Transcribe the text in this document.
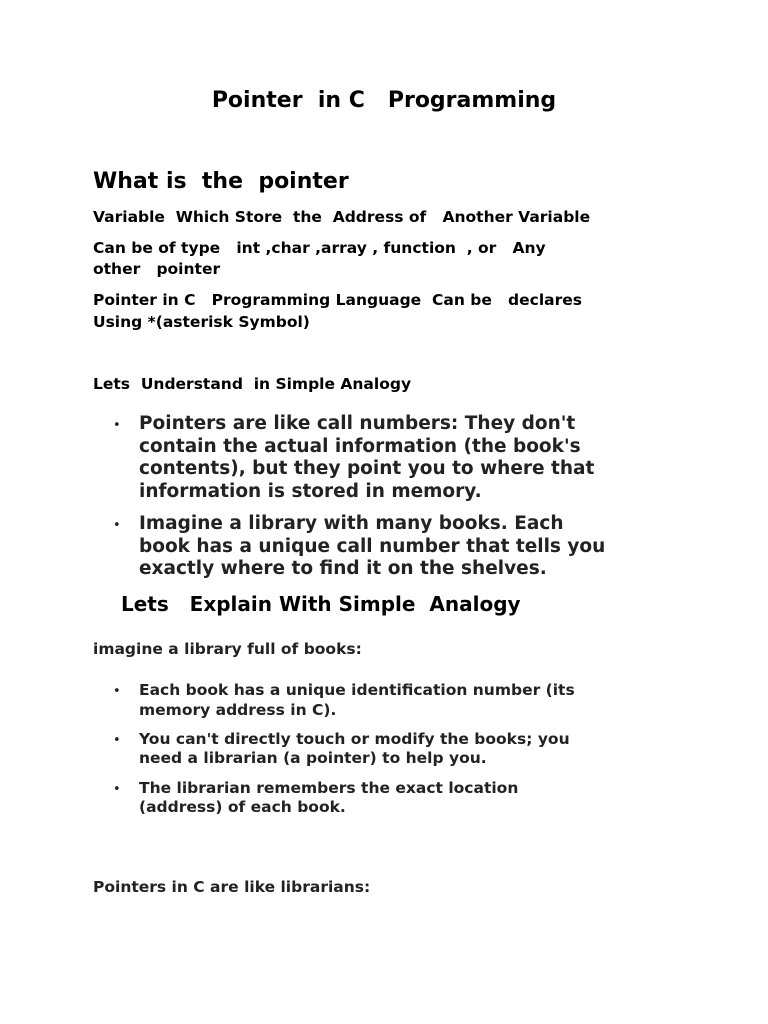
Pointer  in C   Programming
What is  the  pointer
Variable  Which Store  the  Address of   Another Variable
Can be of type   int ,char ,array , function  , or   Any
other   pointer
Pointer in C   Programming Language  Can be   declares
Using *(asterisk Symbol)
Lets  Understand  in Simple Analogy
• Pointers are like call numbers: They don't
contain the actual information (the book's
contents), but they point you to where that
information is stored in memory.
• Imagine a library with many books. Each
book has a unique call number that tells you
exactly where to find it on the shelves.
Lets   Explain With Simple  Analogy
imagine a library full of books:
• Each book has a unique identification number (its
memory address in C).
• You can't directly touch or modify the books; you
need a librarian (a pointer) to help you.
• The librarian remembers the exact location
(address) of each book.
Pointers in C are like librarians:
